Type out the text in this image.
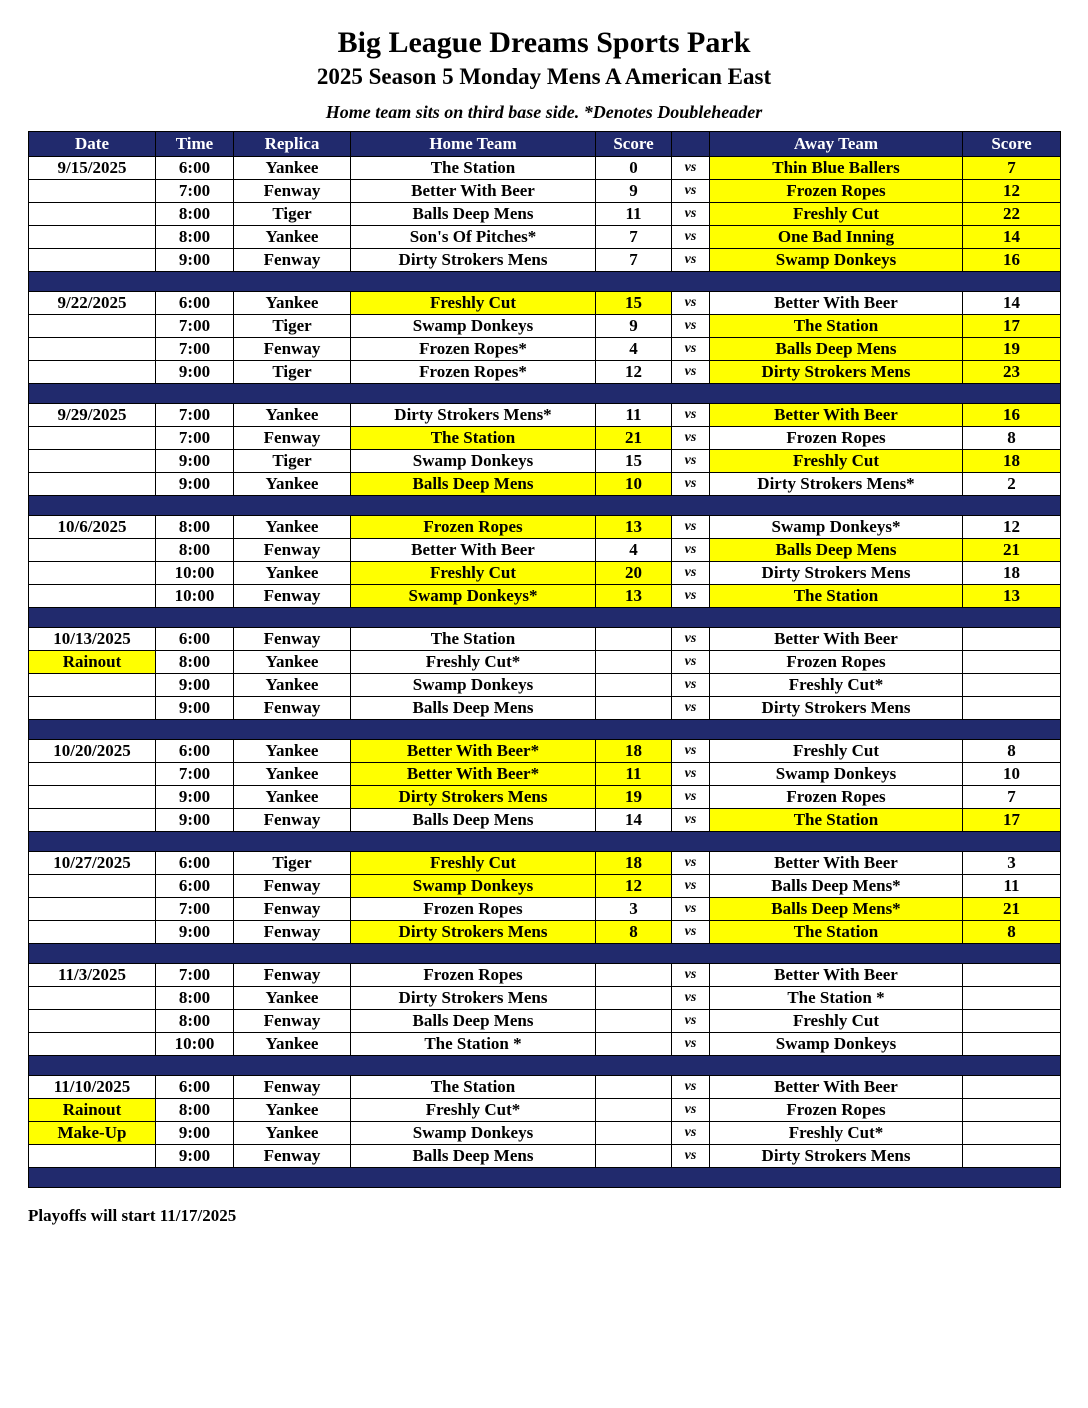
Big League Dreams Sports Park
2025 Season 5 Monday Mens A American East
Home team sits on third base side. *Denotes Doubleheader
Date	Time	Replica	Home Team	Score		Away Team	Score
9/15/2025	6:00	Yankee	The Station	0	vs	Thin Blue Ballers	7
	7:00	Fenway	Better With Beer	9	vs	Frozen Ropes	12
	8:00	Tiger	Balls Deep Mens	11	vs	Freshly Cut	22
	8:00	Yankee	Son's Of Pitches*	7	vs	One Bad Inning	14
	9:00	Fenway	Dirty Strokers Mens	7	vs	Swamp Donkeys	16

9/22/2025	6:00	Yankee	Freshly Cut	15	vs	Better With Beer	14
	7:00	Tiger	Swamp Donkeys	9	vs	The Station	17
	7:00	Fenway	Frozen Ropes*	4	vs	Balls Deep Mens	19
	9:00	Tiger	Frozen Ropes*	12	vs	Dirty Strokers Mens	23

9/29/2025	7:00	Yankee	Dirty Strokers Mens*	11	vs	Better With Beer	16
	7:00	Fenway	The Station	21	vs	Frozen Ropes	8
	9:00	Tiger	Swamp Donkeys	15	vs	Freshly Cut	18
	9:00	Yankee	Balls Deep Mens	10	vs	Dirty Strokers Mens*	2

10/6/2025	8:00	Yankee	Frozen Ropes	13	vs	Swamp Donkeys*	12
	8:00	Fenway	Better With Beer	4	vs	Balls Deep Mens	21
	10:00	Yankee	Freshly Cut	20	vs	Dirty Strokers Mens	18
	10:00	Fenway	Swamp Donkeys*	13	vs	The Station	13

10/13/2025	6:00	Fenway	The Station		vs	Better With Beer	
Rainout	8:00	Yankee	Freshly Cut*		vs	Frozen Ropes	
	9:00	Yankee	Swamp Donkeys		vs	Freshly Cut*	
	9:00	Fenway	Balls Deep Mens		vs	Dirty Strokers Mens	

10/20/2025	6:00	Yankee	Better With Beer*	18	vs	Freshly Cut	8
	7:00	Yankee	Better With Beer*	11	vs	Swamp Donkeys	10
	9:00	Yankee	Dirty Strokers Mens	19	vs	Frozen Ropes	7
	9:00	Fenway	Balls Deep Mens	14	vs	The Station	17

10/27/2025	6:00	Tiger	Freshly Cut	18	vs	Better With Beer	3
	6:00	Fenway	Swamp Donkeys	12	vs	Balls Deep Mens*	11
	7:00	Fenway	Frozen Ropes	3	vs	Balls Deep Mens*	21
	9:00	Fenway	Dirty Strokers Mens	8	vs	The Station	8

11/3/2025	7:00	Fenway	Frozen Ropes		vs	Better With Beer	
	8:00	Yankee	Dirty Strokers Mens		vs	The Station *	
	8:00	Fenway	Balls Deep Mens		vs	Freshly Cut	
	10:00	Yankee	The Station *		vs	Swamp Donkeys	

11/10/2025	6:00	Fenway	The Station		vs	Better With Beer	
Rainout	8:00	Yankee	Freshly Cut*		vs	Frozen Ropes	
Make-Up	9:00	Yankee	Swamp Donkeys		vs	Freshly Cut*	
	9:00	Fenway	Balls Deep Mens		vs	Dirty Strokers Mens	

Playoffs will start 11/17/2025
